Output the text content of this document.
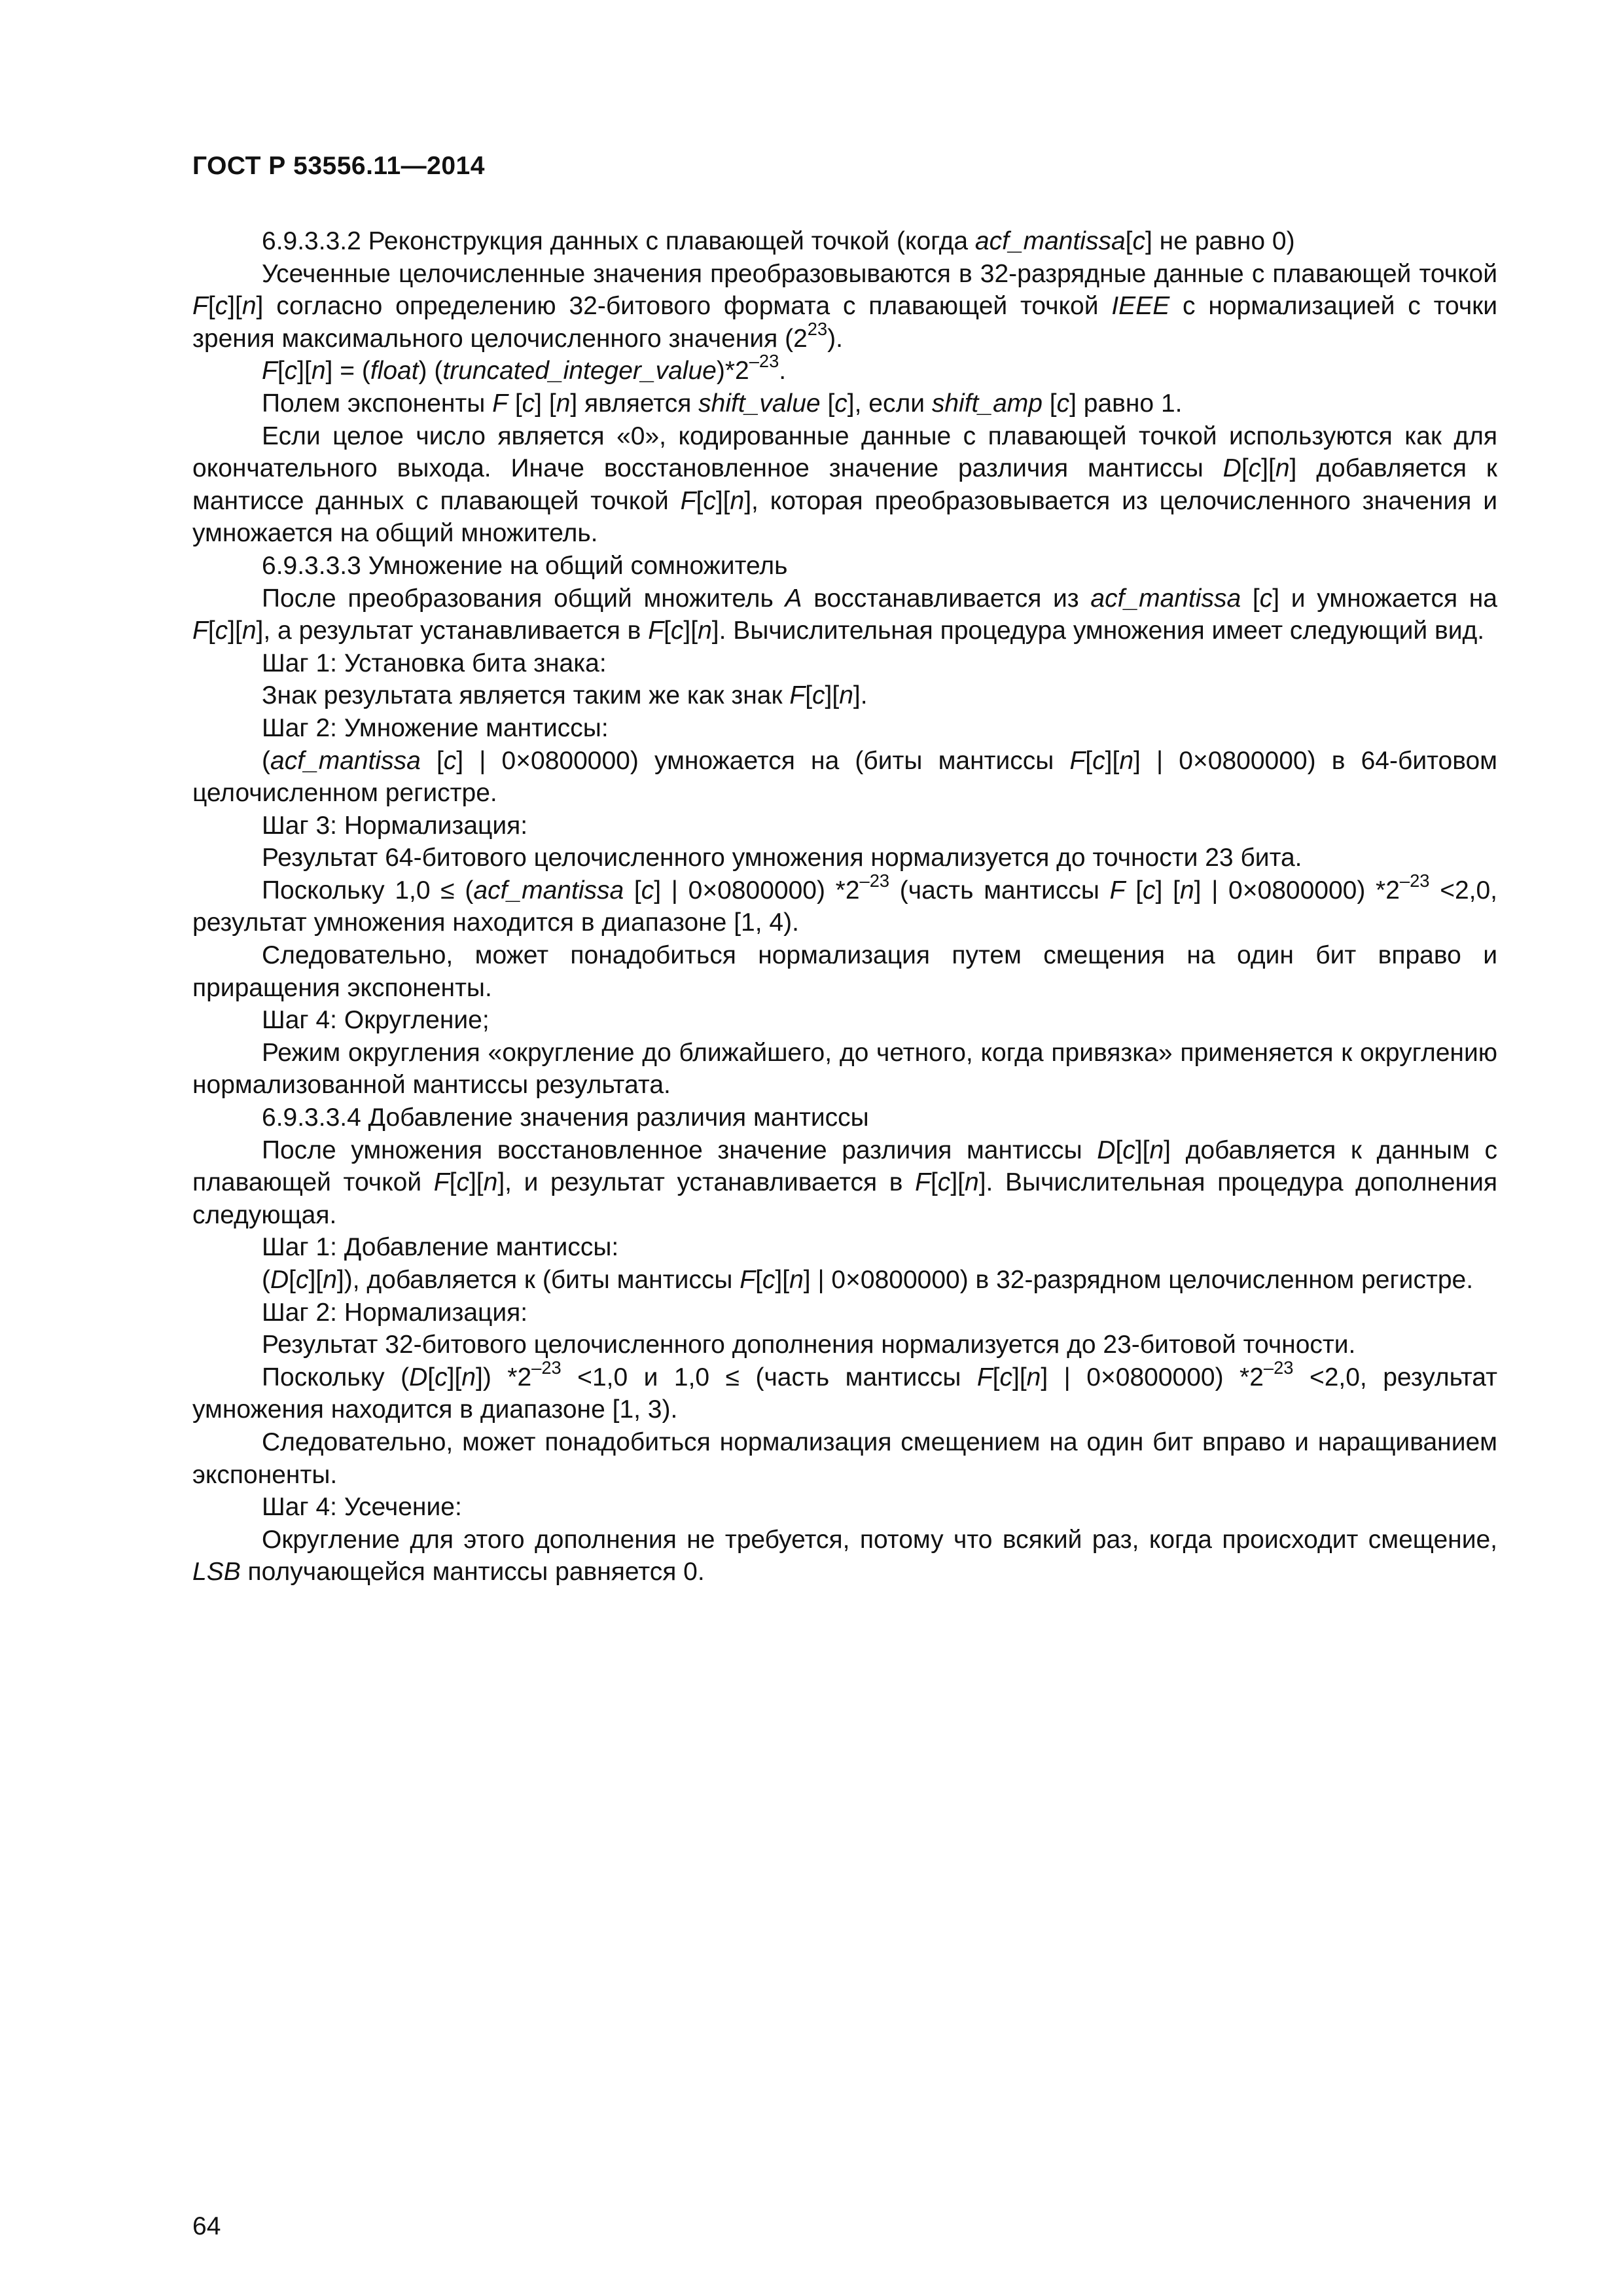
ГОСТ Р 53556.11—2014

6.9.3.3.2 Реконструкция данных с плавающей точкой (когда acf_mantissa[c] не равно 0)

Усеченные целочисленные значения преобразовываются в 32-разрядные данные с плавающей точкой F[c][n] согласно определению 32-битового формата с плавающей точкой IEEE с нормализацией с точки зрения максимального целочисленного значения $(2^{23})$.

F[c][n] = (float) $(truncated\_integer\_value)*2^{-23}$.

Полем экспоненты F [c] [n] является shift_value [c], если shift_amp [c] равно 1.

Если целое число является «0», кодированные данные с плавающей точкой используются как для окончательного выхода. Иначе восстановленное значение различия мантиссы D[c][n] добавляется к мантиссе данных с плавающей точкой F[c][n], которая преобразовывается из целочисленного значения и умножается на общий множитель.

6.9.3.3.3 Умножение на общий сомножитель

После преобразования общий множитель A восстанавливается из acf_mantissa [c] и умножается на F[c][n], а результат устанавливается в F[c][n]. Вычислительная процедура умножения имеет следующий вид.

Шаг 1: Установка бита знака:

Знак результата является таким же как знак F[c][n].

Шаг 2: Умножение мантиссы:

(acf_mantissa [c] | 0×0800000) умножается на (биты мантиссы F[c][n] | 0×0800000) в 64-битовом целочисленном регистре.

Шаг 3: Нормализация:

Результат 64-битового целочисленного умножения нормализуется до точности 23 бита.

Поскольку 1,0 ≤ (acf_mantissa [c] | 0×0800000) $*2^{-23}$ (часть мантиссы F [c] [n] | 0×0800000) $*2^{-23} <2,0$, результат умножения находится в диапазоне [1, 4).

Следовательно, может понадобиться нормализация путем смещения на один бит вправо и приращения экспоненты.

Шаг 4: Округление;

Режим округления «округление до ближайшего, до четного, когда привязка» применяется к округлению нормализованной мантиссы результата.

6.9.3.3.4 Добавление значения различия мантиссы

После умножения восстановленное значение различия мантиссы D[c][n] добавляется к данным с плавающей точкой F[c][n], и результат устанавливается в F[c][n]. Вычислительная процедура дополнения следующая.

Шаг 1: Добавление мантиссы:

(D[c][n]), добавляется к (биты мантиссы F[c][n] | 0×0800000) в 32-разрядном целочисленном регистре.

Шаг 2: Нормализация:

Результат 32-битового целочисленного дополнения нормализуется до 23-битовой точности.

Поскольку (D[c][n]) $*2^{-23} <1,0$ и 1,0 ≤ (часть мантиссы F[c][n] | 0×0800000) $*2^{-23} <2,0$, результат умножения находится в диапазоне [1, 3).

Следовательно, может понадобиться нормализация смещением на один бит вправо и наращиванием экспоненты.

Шаг 4: Усечение:

Округление для этого дополнения не требуется, потому что всякий раз, когда происходит смещение, LSB получающейся мантиссы равняется 0.

64
